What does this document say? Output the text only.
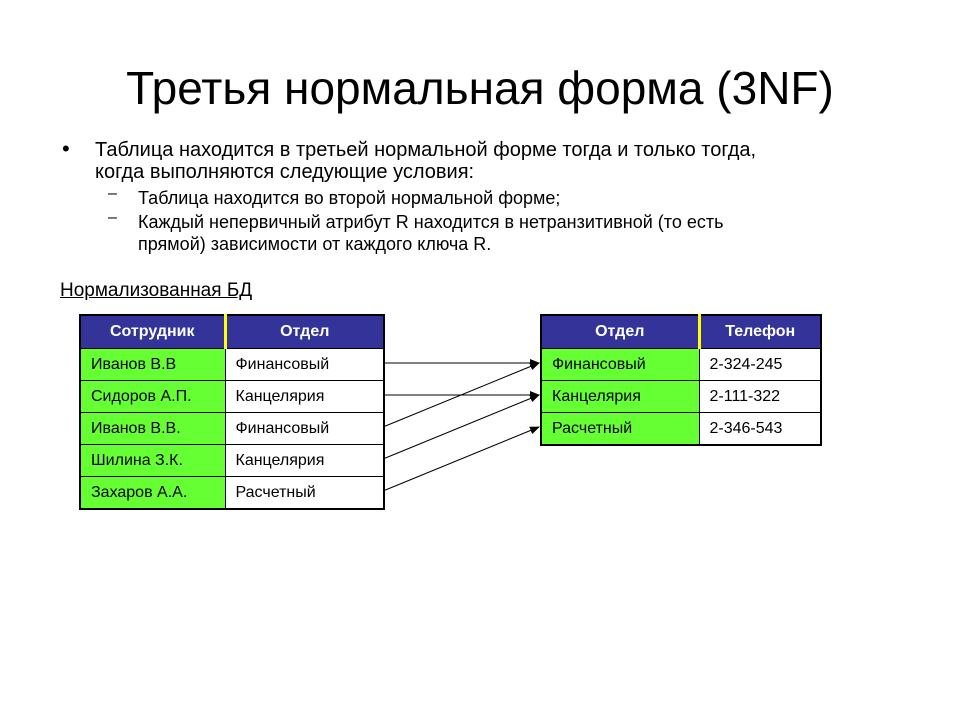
Третья нормальная форма (3NF)
• Таблица находится в третьей нормальной форме тогда и только тогда,
когда выполняются следующие условия:
– Таблица находится во второй нормальной форме;
– Каждый непервичный атрибут R находится в нетранзитивной (то есть
прямой) зависимости от каждого ключа R.
Нормализованная БД
Сотрудник	Отдел
Иванов В.В	Финансовый
Сидоров А.П.	Канцелярия
Иванов В.В.	Финансовый
Шилина З.К.	Канцелярия
Захаров А.А.	Расчетный
Отдел	Телефон
Финансовый	2-324-245
Канцелярия	2-111-322
Расчетный	2-346-543
